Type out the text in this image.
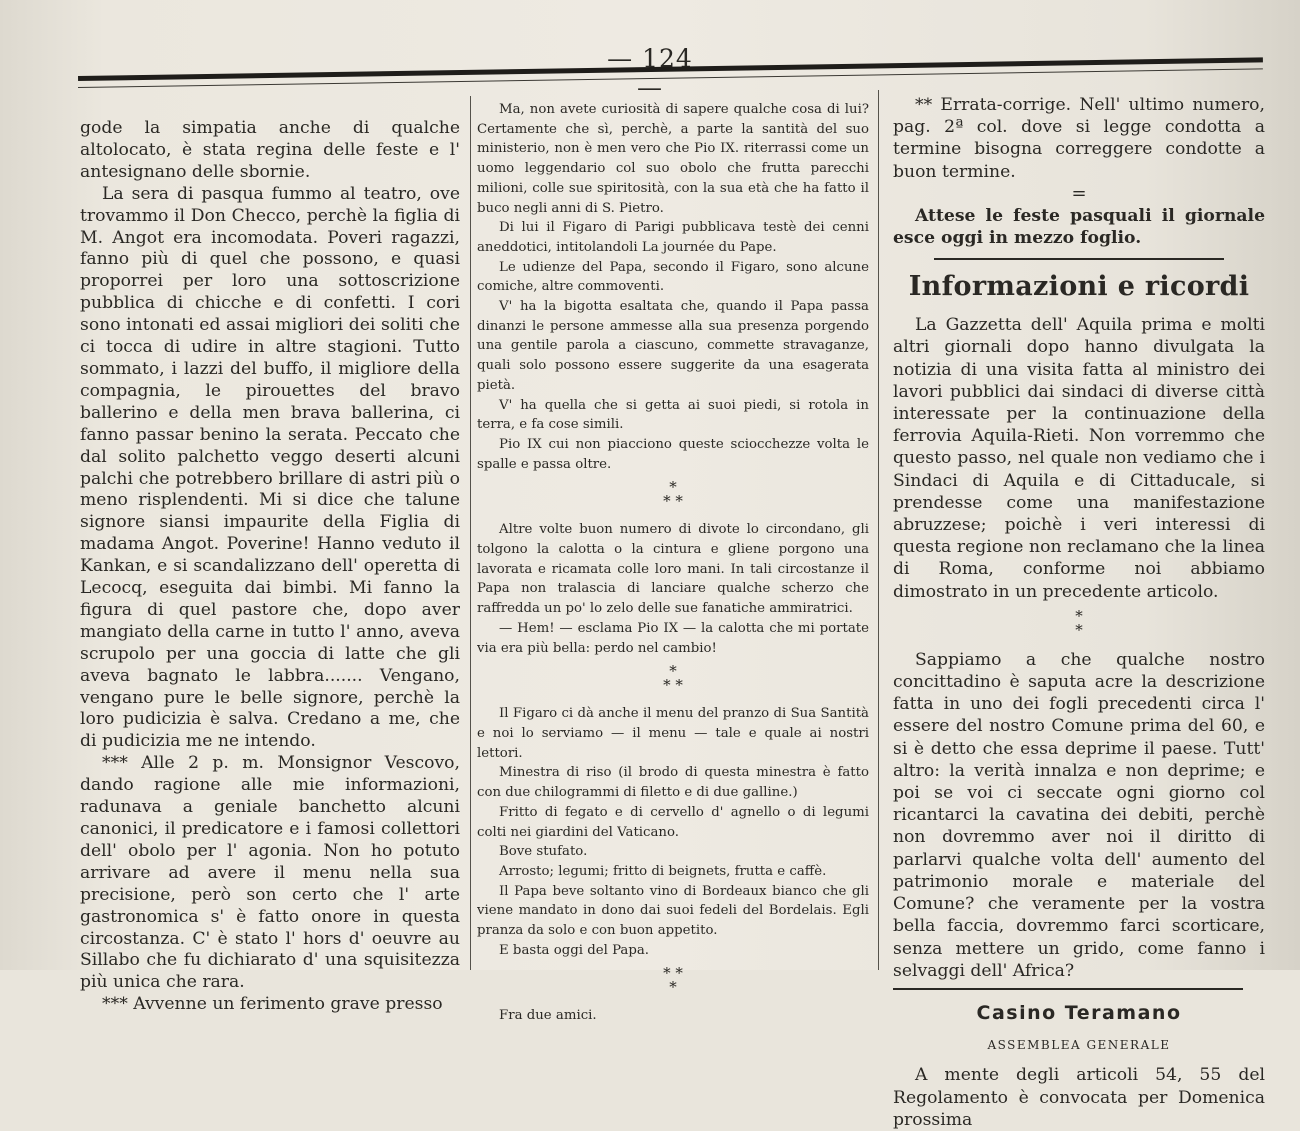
— 124 —

gode la simpatia anche di qualche altolocato, è stata regina delle feste e l' antesignano delle sbornie.

La sera di pasqua fummo al teatro, ove trovammo il Don Checco, perchè la figlia di M. Angot era incomodata. Poveri ragazzi, fanno più di quel che possono, e quasi proporrei per loro una sottoscrizione pubblica di chicche e di confetti. I cori sono intonati ed assai migliori dei soliti che ci tocca di udire in altre stagioni. Tutto sommato, i lazzi del buffo, il migliore della compagnia, le pirouettes del bravo ballerino e della men brava ballerina, ci fanno passar benino la serata. Peccato che dal solito palchetto veggo deserti alcuni palchi che potrebbero brillare di astri più o meno risplendenti. Mi si dice che talune signore siansi impaurite della Figlia di madama Angot. Poverine! Hanno veduto il Kankan, e si scandalizzano dell' operetta di Lecocq, eseguita dai bimbi. Mi fanno la figura di quel pastore che, dopo aver mangiato della carne in tutto l' anno, aveva scrupolo per una goccia di latte che gli aveva bagnato le labbra....... Vengano, vengano pure le belle signore, perchè la loro pudicizia è salva. Credano a me, che di pudicizia me ne intendo.

*** Alle 2 p. m. Monsignor Vescovo, dando ragione alle mie informazioni, radunava a geniale banchetto alcuni canonici, il predicatore e i famosi collettori dell' obolo per l' agonia. Non ho potuto arrivare ad avere il menu nella sua precisione, però son certo che l' arte gastronomica s' è fatto onore in questa circostanza. C' è stato l' hors d' oeuvre au Sillabo che fu dichiarato d' una squisitezza più unica che rara.

*** Avvenne un ferimento grave presso

Ma, non avete curiosità di sapere qualche cosa di lui? Certamente che sì, perchè, a parte la santità del suo ministerio, non è men vero che Pio IX. riterrassi come un uomo leggendario col suo obolo che frutta parecchi milioni, colle sue spiritosità, con la sua età che ha fatto il buco negli anni di S. Pietro.

Di lui il Figaro di Parigi pubblicava testè dei cenni aneddotici, intitolandoli La journée du Pape.

Le udienze del Papa, secondo il Figaro, sono alcune comiche, altre commoventi.

V' ha la bigotta esaltata che, quando il Papa passa dinanzi le persone ammesse alla sua presenza porgendo una gentile parola a ciascuno, commette stravaganze, quali solo possono essere suggerite da una esagerata pietà.

V' ha quella che si getta ai suoi piedi, si rotola in terra, e fa cose simili.

Pio IX cui non piacciono queste sciocchezze volta le spalle e passa oltre.

*
* *

Altre volte buon numero di divote lo circondano, gli tolgono la calotta o la cintura e gliene porgono una lavorata e ricamata colle loro mani. In tali circostanze il Papa non tralascia di lanciare qualche scherzo che raffredda un po' lo zelo delle sue fanatiche ammiratrici.

— Hem! — esclama Pio IX — la calotta che mi portate via era più bella: perdo nel cambio!

*
* *

Il Figaro ci dà anche il menu del pranzo di Sua Santità e noi lo serviamo — il menu — tale e quale ai nostri lettori.

Minestra di riso (il brodo di questa minestra è fatto con due chilogrammi di filetto e di due galline.)

Fritto di fegato e di cervello d' agnello o di legumi colti nei giardini del Vaticano.

Bove stufato.

Arrosto; legumi; fritto di beignets, frutta e caffè.

Il Papa beve soltanto vino di Bordeaux bianco che gli viene mandato in dono dai suoi fedeli del Bordelais. Egli pranza da solo e con buon appetito.

E basta oggi del Papa.

* *
*

Fra due amici.

** Errata-corrige. Nell' ultimo numero, pag. 2ª col. dove si legge condotta a termine bisogna correggere condotte a buon termine.

=

Attese le feste pasquali il giornale esce oggi in mezzo foglio.

Informazioni e ricordi

La Gazzetta dell' Aquila prima e molti altri giornali dopo hanno divulgata la notizia di una visita fatta al ministro dei lavori pubblici dai sindaci di diverse città interessate per la continuazione della ferrovia Aquila-Rieti. Non vorremmo che questo passo, nel quale non vediamo che i Sindaci di Aquila e di Cittaducale, si prendesse come una manifestazione abruzzese; poichè i veri interessi di questa regione non reclamano che la linea di Roma, conforme noi abbiamo dimostrato in un precedente articolo.

*
*

Sappiamo a che qualche nostro concittadino è saputa acre la descrizione fatta in uno dei fogli precedenti circa l' essere del nostro Comune prima del 60, e si è detto che essa deprime il paese. Tutt' altro: la verità innalza e non deprime; e poi se voi ci seccate ogni giorno col ricantarci la cavatina dei debiti, perchè non dovremmo aver noi il diritto di parlarvi qualche volta dell' aumento del patrimonio morale e materiale del Comune? che veramente per la vostra bella faccia, dovremmo farci scorticare, senza mettere un grido, come fanno i selvaggi dell' Africa?

Casino Teramano
ASSEMBLEA GENERALE

A mente degli articoli 54, 55 del Regolamento è convocata per Domenica prossima
